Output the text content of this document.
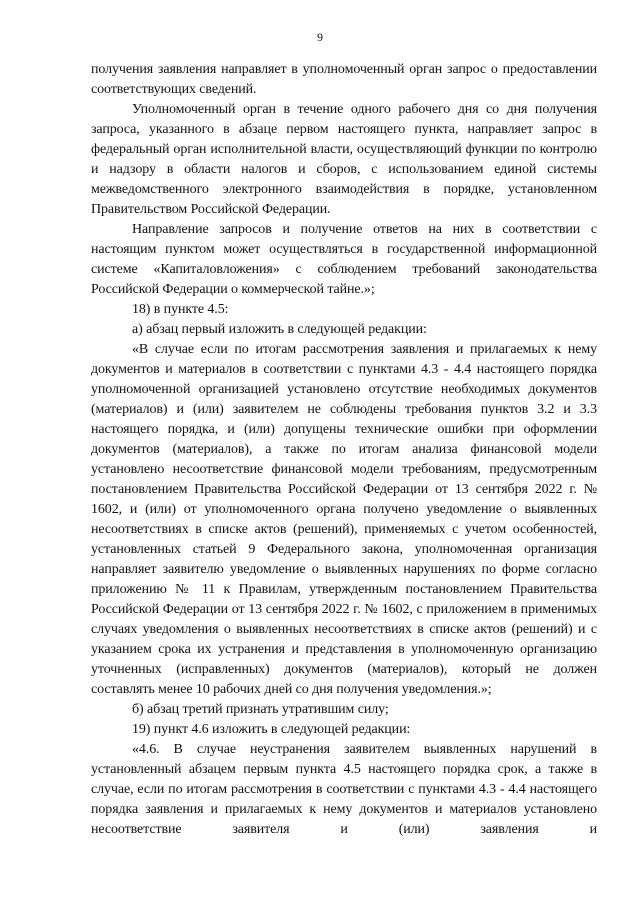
9

получения заявления направляет в уполномоченный орган запрос о предоставлении соответствующих сведений.

Уполномоченный орган в течение одного рабочего дня со дня получения запроса, указанного в абзаце первом настоящего пункта, направляет запрос в федеральный орган исполнительной власти, осуществляющий функции по контролю и надзору в области налогов и сборов, с использованием единой системы межведомственного электронного взаимодействия в порядке, установленном Правительством Российской Федерации.

Направление запросов и получение ответов на них в соответствии с настоящим пунктом может осуществляться в государственной информационной системе «Капиталовложения» с соблюдением требований законодательства Российской Федерации о коммерческой тайне.»;

18) в пункте 4.5:

а) абзац первый изложить в следующей редакции:

«В случае если по итогам рассмотрения заявления и прилагаемых к нему документов и материалов в соответствии с пунктами 4.3 - 4.4 настоящего порядка уполномоченной организацией установлено отсутствие необходимых документов (материалов) и (или) заявителем не соблюдены требования пунктов 3.2 и 3.3 настоящего порядка, и (или) допущены технические ошибки при оформлении документов (материалов), а также по итогам анализа финансовой модели установлено несоответствие финансовой модели требованиям, предусмотренным постановлением Правительства Российской Федерации от 13 сентября 2022 г. № 1602, и (или) от уполномоченного органа получено уведомление о выявленных несоответствиях в списке актов (решений), применяемых с учетом особенностей, установленных статьей 9 Федерального закона, уполномоченная организация направляет заявителю уведомление о выявленных нарушениях по форме согласно приложению № 11 к Правилам, утвержденным постановлением Правительства Российской Федерации от 13 сентября 2022 г. № 1602, с приложением в применимых случаях уведомления о выявленных несоответствиях в списке актов (решений) и с указанием срока их устранения и представления в уполномоченную организацию уточненных (исправленных) документов (материалов), который не должен составлять менее 10 рабочих дней со дня получения уведомления.»;

б) абзац третий признать утратившим силу;

19) пункт 4.6 изложить в следующей редакции:

«4.6. В случае неустранения заявителем выявленных нарушений в установленный абзацем первым пункта 4.5 настоящего порядка срок, а также в случае, если по итогам рассмотрения в соответствии с пунктами 4.3 - 4.4 настоящего порядка заявления и прилагаемых к нему документов и материалов установлено несоответствие заявителя и (или) заявления и
